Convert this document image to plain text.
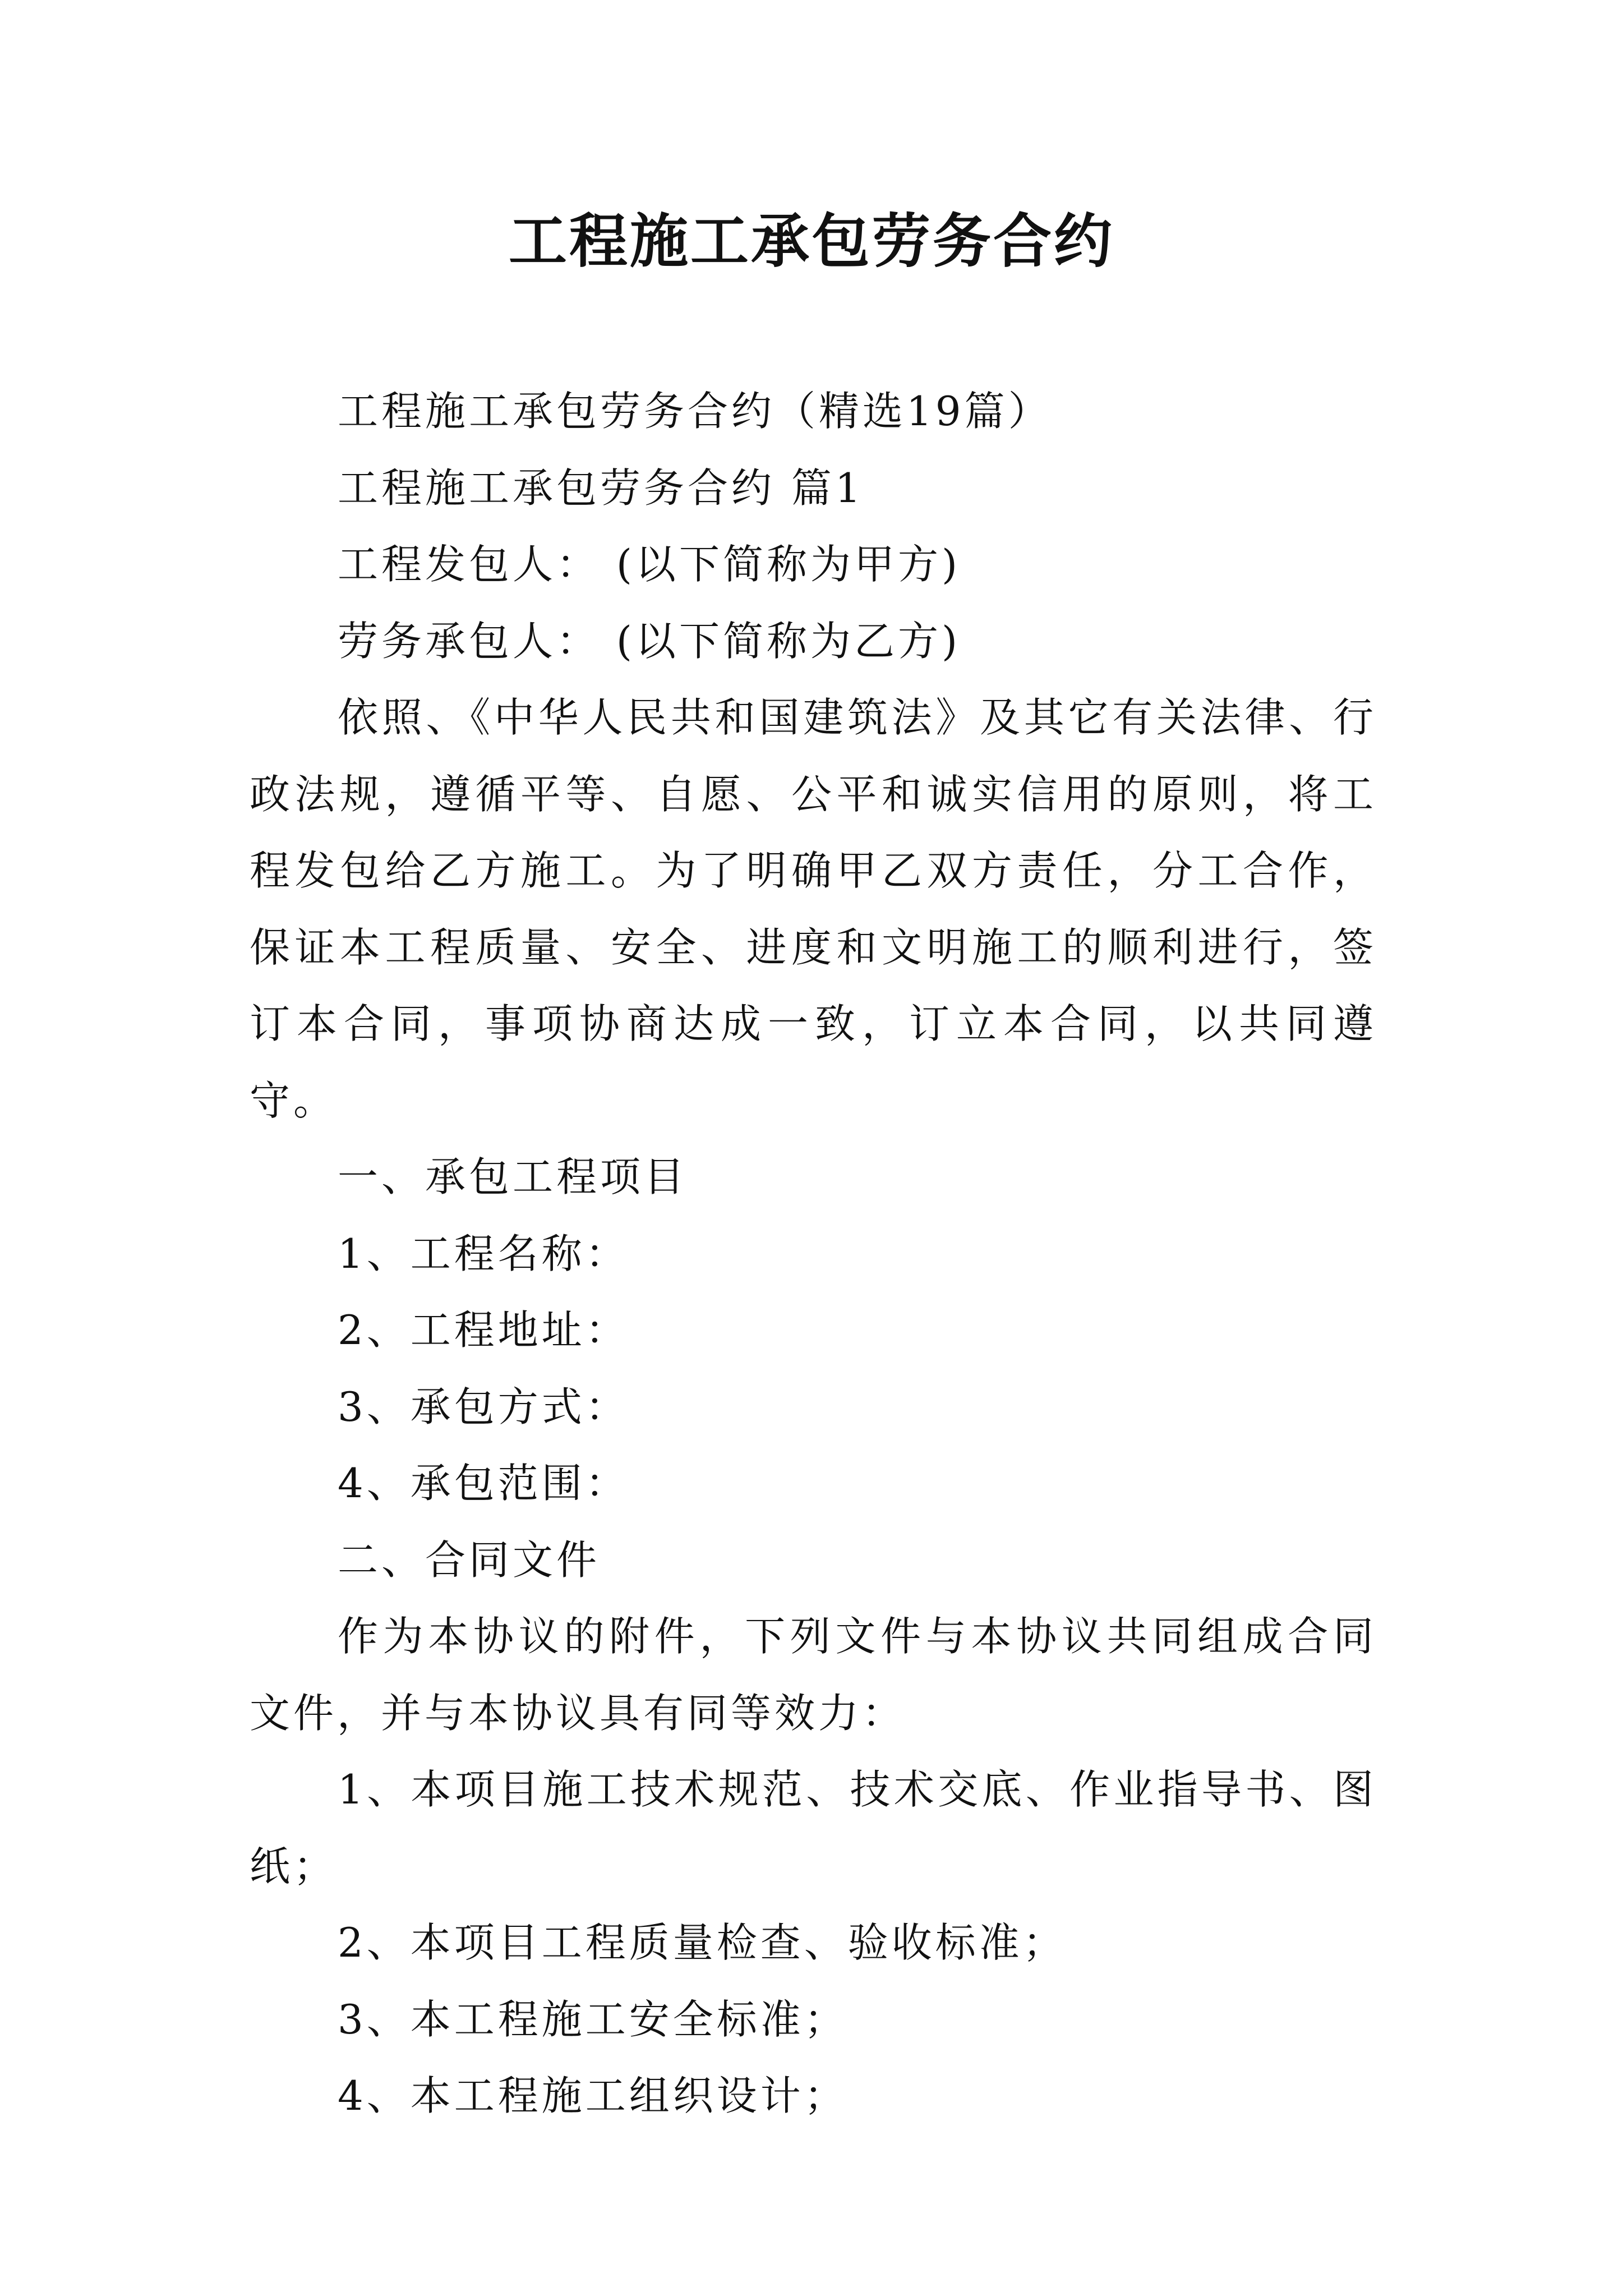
工程施工承包劳务合约

工程施工承包劳务合约（精选19篇）

工程施工承包劳务合约 篇1

工程发包人： (以下简称为甲方)

劳务承包人： (以下简称为乙方)

依照、《中华人民共和国建筑法》及其它有关法律、行政法规，遵循平等、自愿、公平和诚实信用的原则，将工程发包给乙方施工。为了明确甲乙双方责任，分工合作，保证本工程质量、安全、进度和文明施工的顺利进行，签订本合同，事项协商达成一致，订立本合同，以共同遵守。

一、承包工程项目

1、工程名称：

2、工程地址：

3、承包方式：

4、承包范围：

二、合同文件

作为本协议的附件，下列文件与本协议共同组成合同文件，并与本协议具有同等效力：

1、本项目施工技术规范、技术交底、作业指导书、图纸；

2、本项目工程质量检查、验收标准；

3、本工程施工安全标准；

4、本工程施工组织设计；
